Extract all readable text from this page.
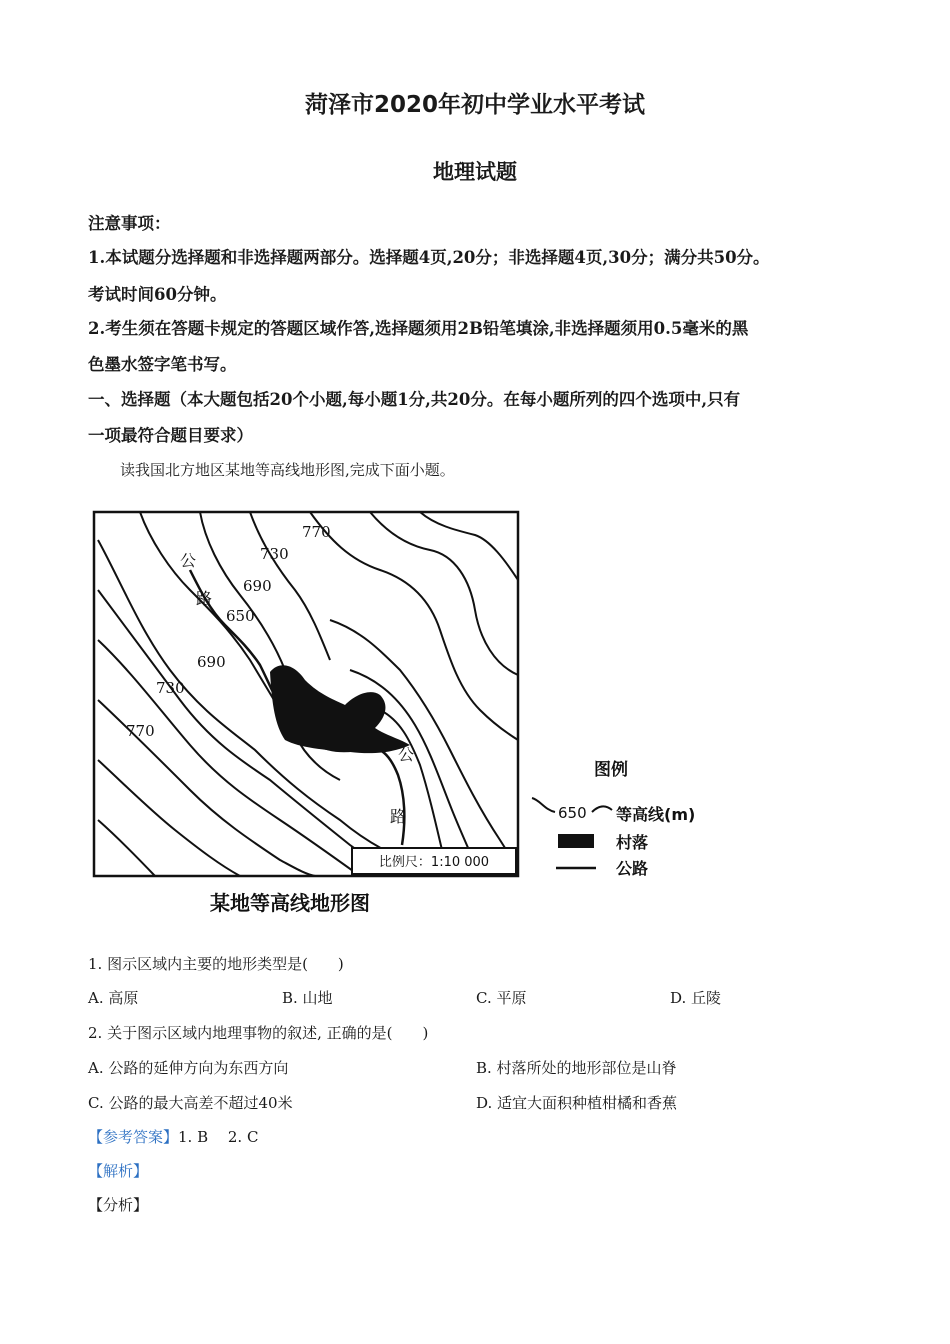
菏泽市2020年初中学业水平考试
地理试题
注意事项：
1.本试题分选择题和非选择题两部分。选择题4页,20分；非选择题4页,30分；满分共50分。
考试时间60分钟。
2.考生须在答题卡规定的答题区域作答,选择题须用2B铅笔填涂,非选择题须用0.5毫米的黑
色墨水签字笔书写。
一、选择题（本大题包括20个小题,每小题1分,共20分。在每小题所列的四个选项中,只有
一项最符合题目要求）
读我国北方地区某地等高线地形图,完成下面小题。
比例尺：1:10 000
770
730
690
650
690
730
770
公
路
公
路
图例
650 等高线(m)
村落
公路
某地等高线地形图
1. 图示区域内主要的地形类型是(　　)
A. 高原	B. 山地	C. 平原	D. 丘陵
2. 关于图示区域内地理事物的叙述, 正确的是(　　)
A. 公路的延伸方向为东西方向	B. 村落所处的地形部位是山脊
C. 公路的最大高差不超过40米	D. 适宜大面积种植柑橘和香蕉
【参考答案】1. B　 2. C
【解析】
【分析】
